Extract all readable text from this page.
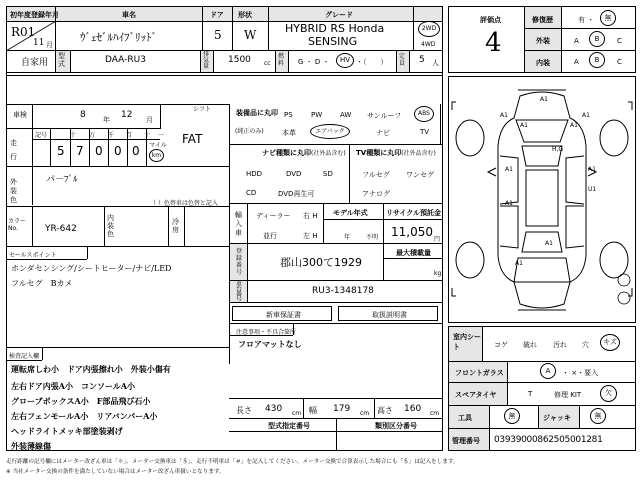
初年度登録年月	車名	ドア 形状	グレード
R01
11 月
ｳﾞｪｾﾞﾙﾊｲﾌﾞﾘｯﾄﾞ	5 W	HYBRID RS Honda
SENSING
2WD
4WD
自家用
型式	DAA-RU3
排気量
1500 cc
燃料 G ・ D ・	HV ・（　　）
定員 5 人
車検	8 年 12 月
シフト
FAT
走行
記号	十 万 千 百 十 一
5 7 0 0 0 マイル
km
外装色
パ－ﾌﾟﾙ
（ ）色替車は色替と記入
カラー No.	YR-642
内装色
冷房
セールスポイント
ホンダセンシング/シートヒーター/ナビ/LED
フルセグ　Bカメ
検査記入欄
運転席しわ小　ドア内張擦れ小　外装小傷有
左右ドア内張A小　コンソールA小
グローブボックスA小　F部品飛び石小
左右フェンモールA小　リアバンパーA小
ヘッドライトメッキ部塗装剥げ
外装薄線傷
装備品に丸印
(純正のみ)
PS	PW	AW サンルーフ	ABS
本革	エアバック	ナビ	TV
ナビ種類に丸印(社外品含む) TV種類に丸印(社外品含む)
HDD	DVD	SD
CD	DVD再生可
フルセグ ワンセグ
アナログ
輸入車
ディーラー
並行
右 H
左 H
モデル年式
年	不明
リサイクル預託金
11,050
円
登録番号
郡山300て1929
最大積載量
kg
車台番号
RU3-1348178
新車保証書	取扱説明書
注意事項・不具合箇所
フロアマットなし
長さ 430 cm 幅 179 cm 高さ 160 cm
型式指定番号	類別区分番号
評価点
4
修復歴
外装
内装
有 ・	無
A	B	C
A	B	C
A1
A1	A1
A1	A1
H,G
A1	A1
U1
A1
A1
A1
室内シート	コゲ 破れ 汚れ 穴	キズ
フロントガラス	A	・ ×・要入
スペアタイヤ	T	修理 KIT	欠
工具	無	ジャッキ	無
管理番号 0393900086250500128​1
走行距離の記号欄にはメーター改ざん車は「＊」、メーター交換車は「＄」、走行不明車は「＃」を記入してください。メーター交換で合算表示した場合にも「＄」は記入をします。
※ 当社メーター交換の条件を満たしていない場合はメーター改ざん車扱いとなります。
